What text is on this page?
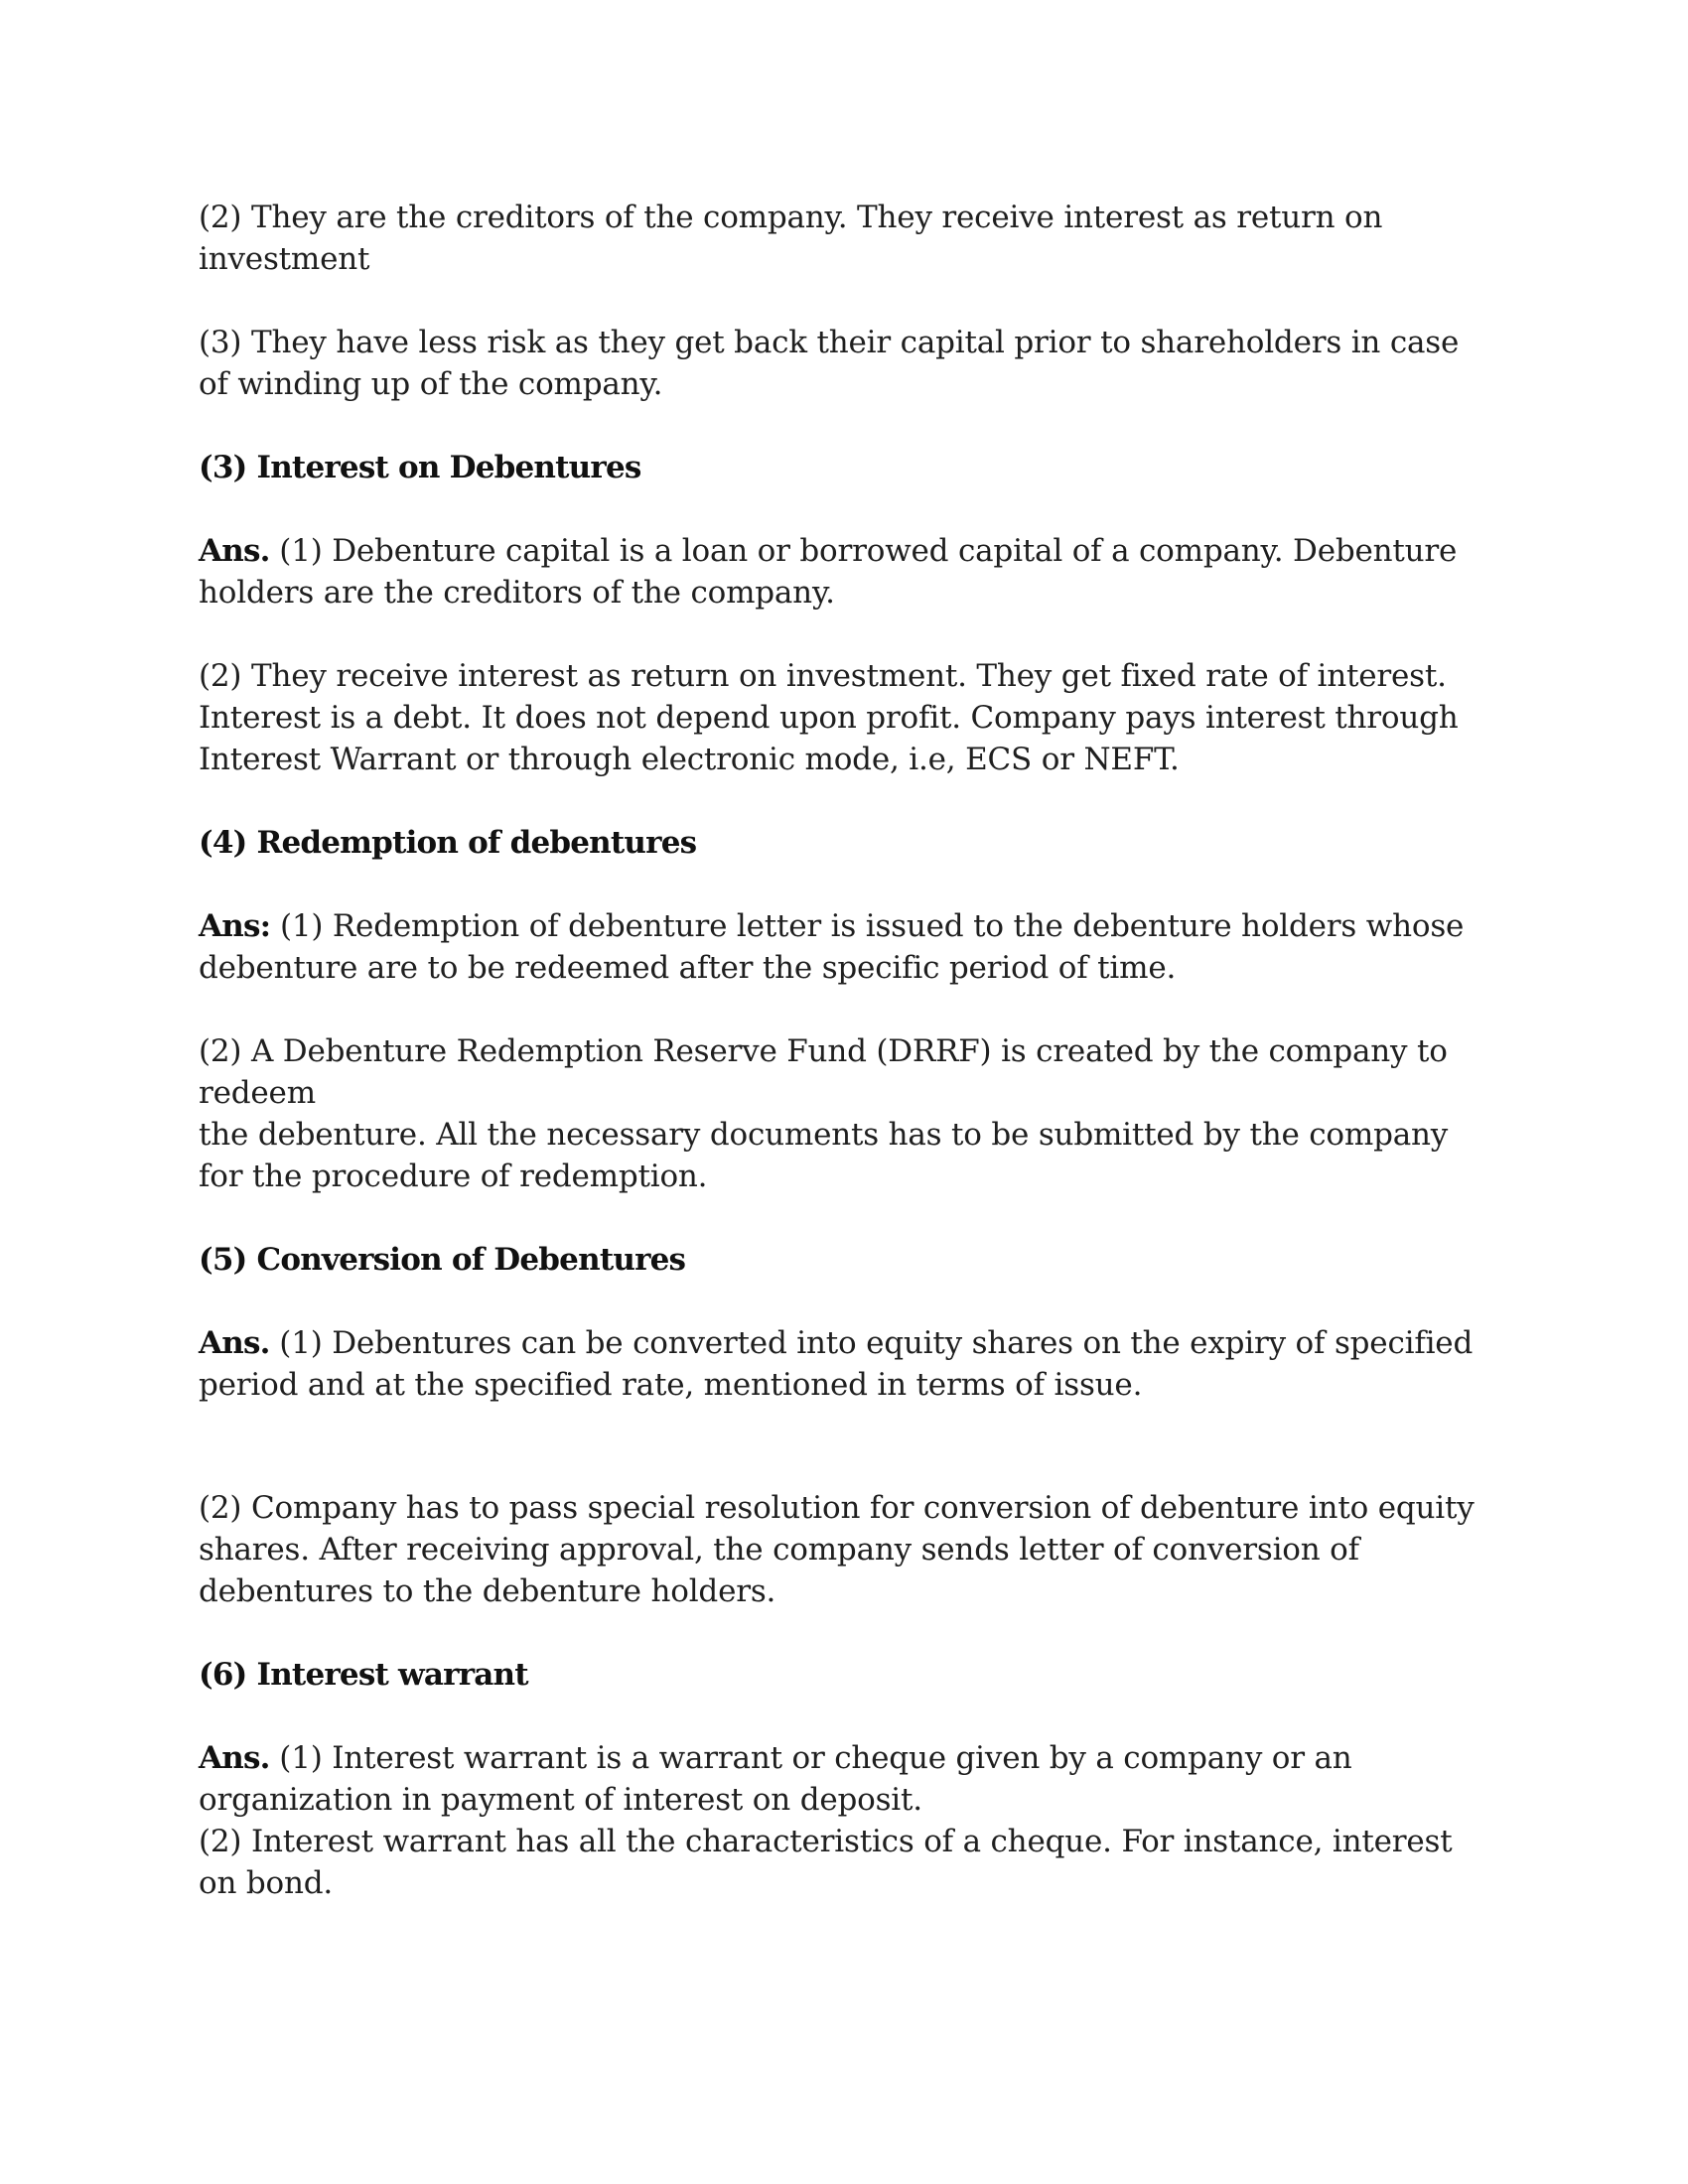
(2) They are the creditors of the company. They receive interest as return on investment

(3) They have less risk as they get back their capital prior to shareholders in case of winding up of the company.

(3) Interest on Debentures

Ans. (1) Debenture capital is a loan or borrowed capital of a company. Debenture holders are the creditors of the company.

(2) They receive interest as return on investment. They get fixed rate of interest. Interest is a debt. It does not depend upon profit. Company pays interest through Interest Warrant or through electronic mode, i.e, ECS or NEFT.

(4) Redemption of debentures

Ans: (1) Redemption of debenture letter is issued to the debenture holders whose debenture are to be redeemed after the specific period of time.

(2) A Debenture Redemption Reserve Fund (DRRF) is created by the company to redeem

the debenture. All the necessary documents has to be submitted by the company for the procedure of redemption.

(5) Conversion of Debentures

Ans. (1) Debentures can be converted into equity shares on the expiry of specified period and at the specified rate, mentioned in terms of issue.

(2) Company has to pass special resolution for conversion of debenture into equity shares. After receiving approval, the company sends letter of conversion of debentures to the debenture holders.

(6) Interest warrant

Ans. (1) Interest warrant is a warrant or cheque given by a company or an organization in payment of interest on deposit.

(2) Interest warrant has all the characteristics of a cheque. For instance, interest on bond.
